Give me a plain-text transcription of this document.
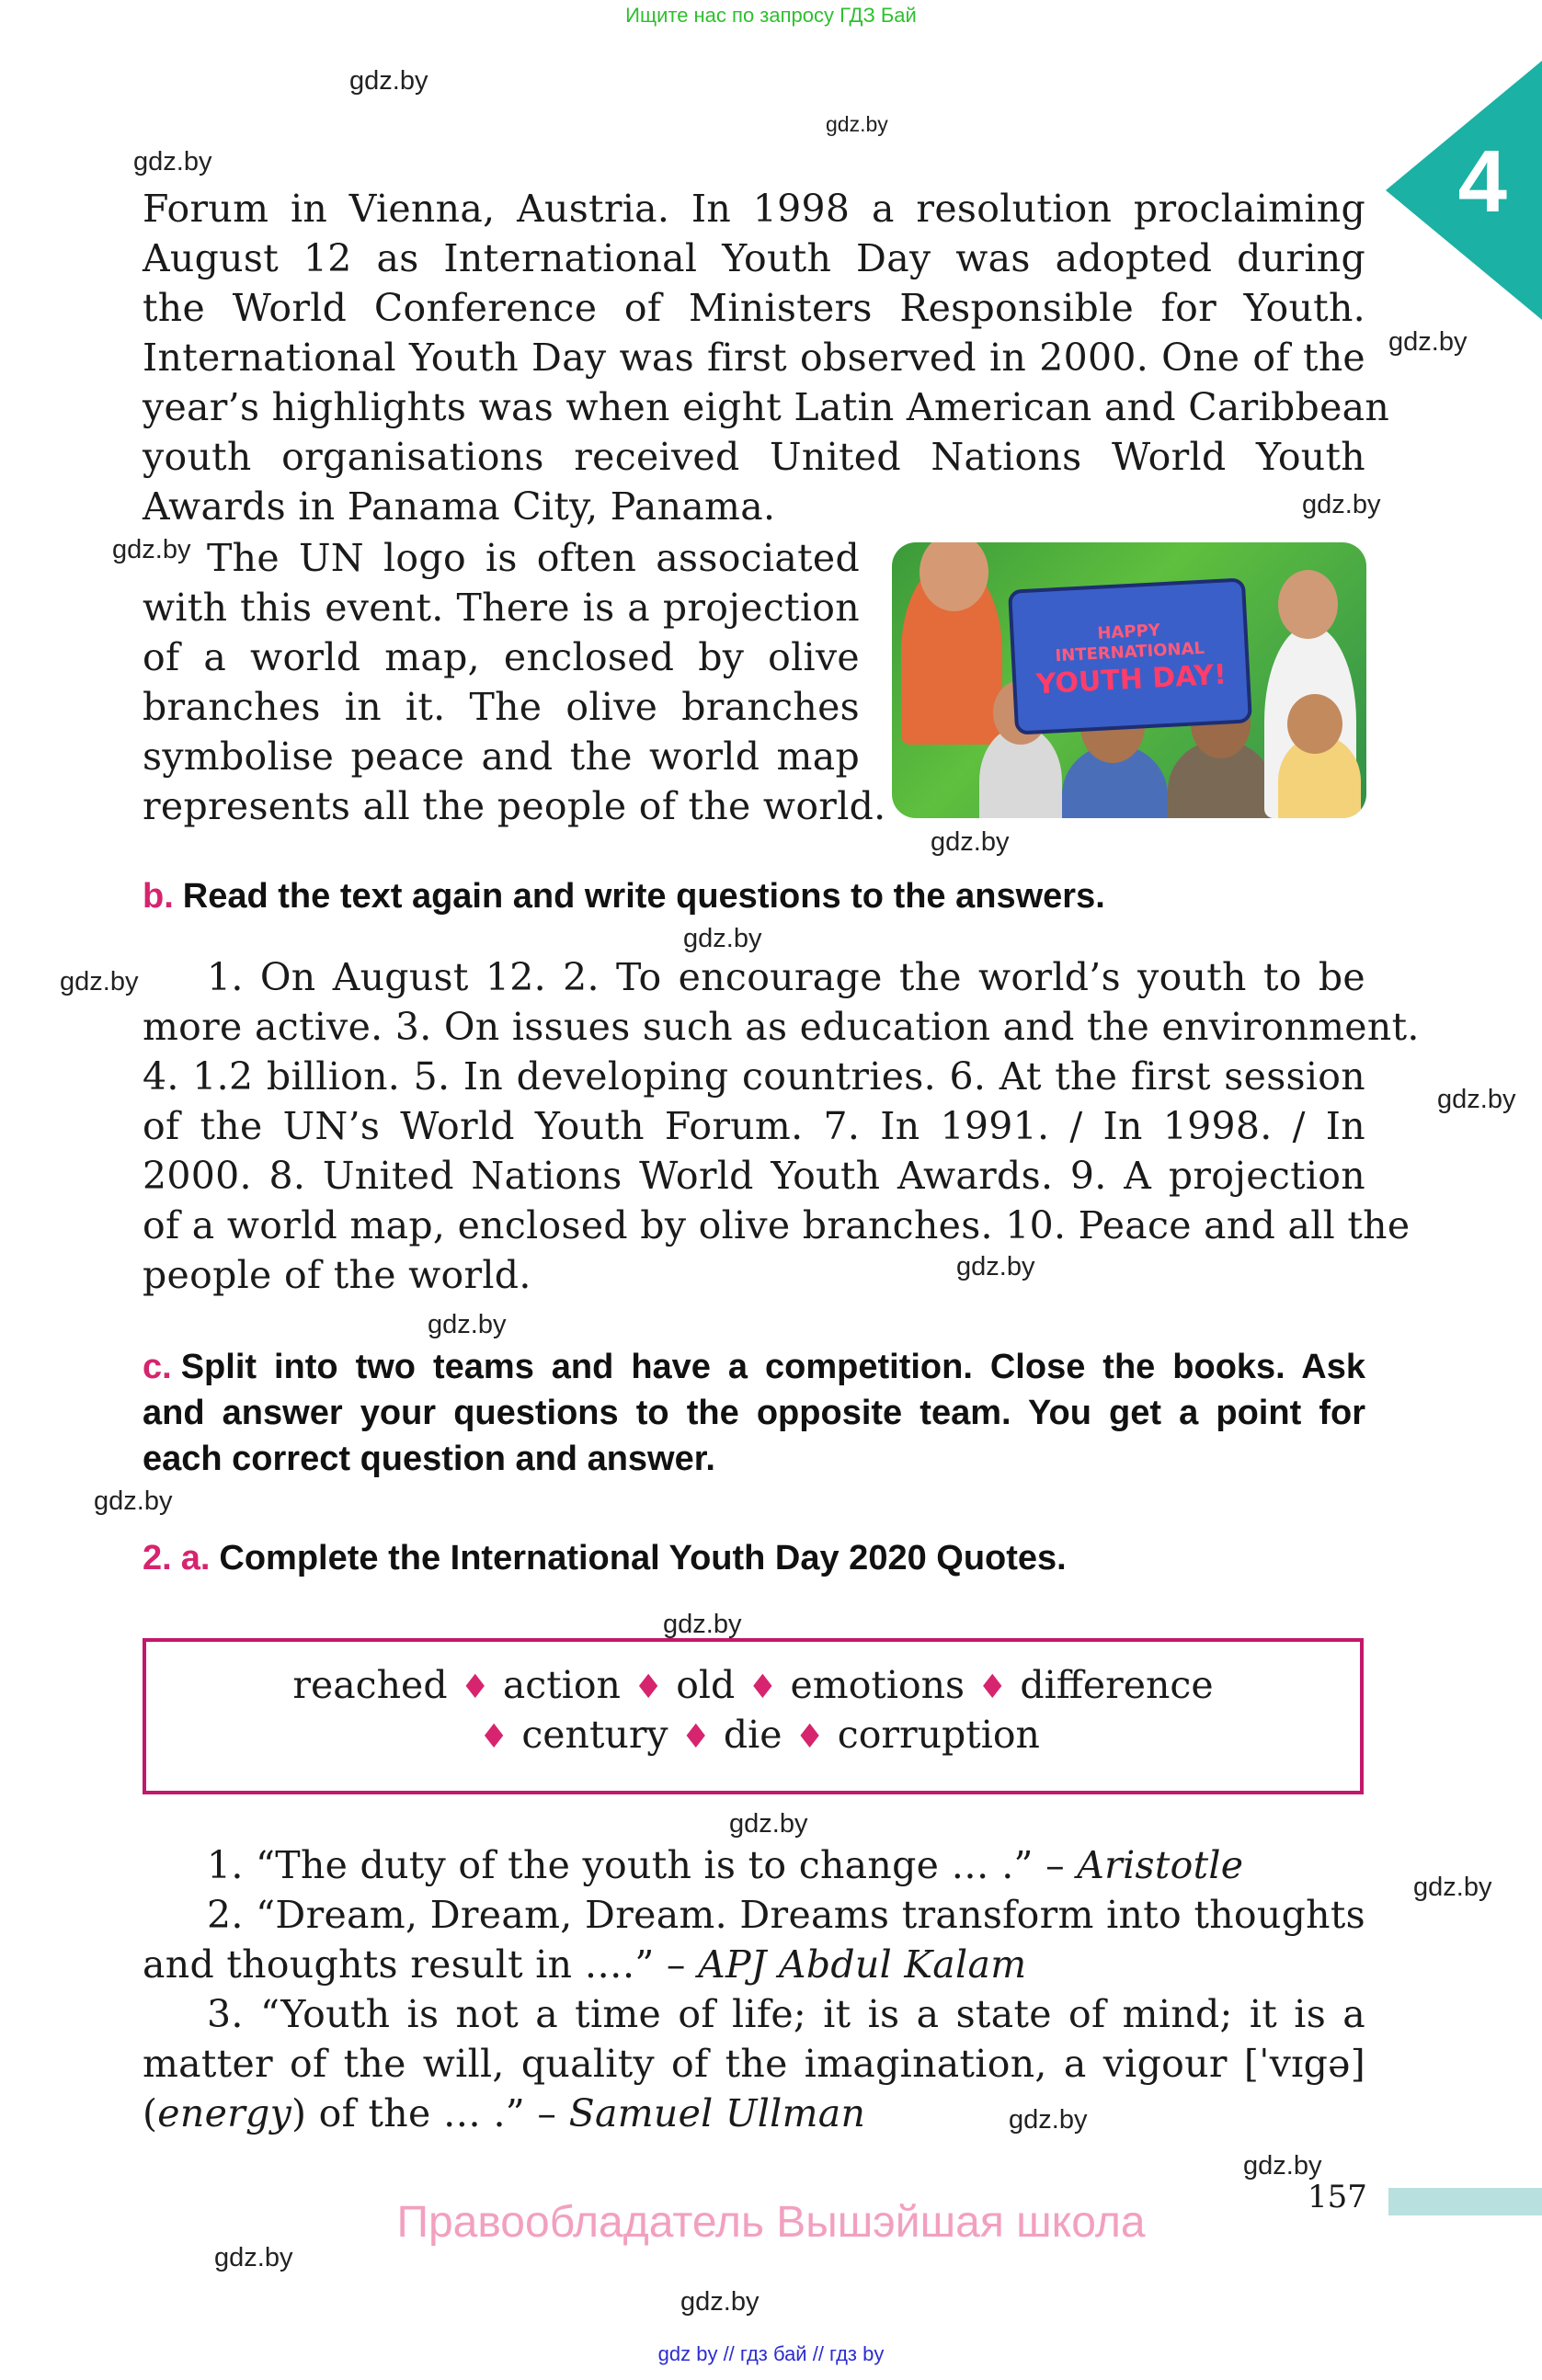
Ищите нас по запросу ГДЗ Бай
4
gdz.by
gdz.by
gdz.by
gdz.by
gdz.by
gdz.by
gdz.by
gdz.by
gdz.by
gdz.by
gdz.by
gdz.by
gdz.by
gdz.by
gdz.by
gdz.by
gdz.by
gdz.by
gdz.by
gdz.by
Forum in Vienna, Austria. In 1998 a resolution proclaiming
August 12 as International Youth Day was adopted during
the World Conference of Ministers Responsible for Youth.
International Youth Day was first observed in 2000. One of the
year’s highlights was when eight Latin American and Caribbean
youth organisations received United Nations World Youth
Awards in Panama City, Panama.
The UN logo is often associated
with this event. There is a projection
of a world map, enclosed by olive
branches in it. The olive branches
symbolise peace and the world map
represents all the people of the world.
HAPPY
INTERNATIONAL
YOUTH DAY!
b. Read the text again and write questions to the answers.
1. On August 12. 2. To encourage the world’s youth to be
more active. 3. On issues such as education and the environment.
4. 1.2 billion. 5. In developing countries. 6. At the first session
of the UN’s World Youth Forum. 7. In 1991. / In 1998. / In
2000. 8. United Nations World Youth Awards. 9. A projection
of a world map, enclosed by olive branches. 10. Peace and all the
people of the world.
c. Split into two teams and have a competition. Close the books. Ask
and answer your questions to the opposite team. You get a point for
each correct question and answer.
2. a. Complete the International Youth Day 2020 Quotes.
reached ♦ action ♦ old ♦ emotions ♦ difference
♦ century ♦ die ♦ corruption
1. “The duty of the youth is to change … .” – Aristotle
2. “Dream, Dream, Dream. Dreams transform into thoughts
and thoughts result in ….” – APJ Abdul Kalam
3. “Youth is not a time of life; it is a state of mind; it is a
matter of the will, quality of the imagination, a vigour [ˈvɪgə]
(energy) of the … .” – Samuel Ullman
157
Правообладатель Вышэйшая школа
gdz by // гдз бай // гдз by
